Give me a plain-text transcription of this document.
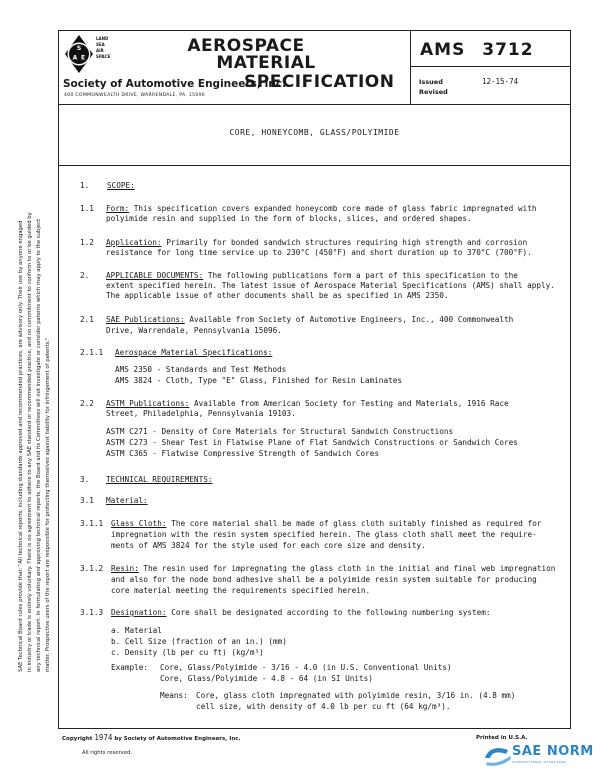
S
A E
LAND
SEA
AIR
SPACE
AEROSPACE
MATERIAL
SPECIFICATION
Society of Automotive Engineers, Inc.
400 COMMONWEALTH DRIVE, WARRENDALE, PA. 15096
AMS 3712
Issued
Revised
12-15-74
CORE, HONEYCOMB, GLASS/POLYIMIDE
SAE Technical Board rules provide that: "All technical reports, including standards approved and recommended practices, are advisory only. Their use by anyone engaged in industry or trade is entirely voluntary. There is no agreement to adhere to any SAE standard or recommended practice, and no commitment to conform to or be guided by any technical report. In formulating and approving technical reports, the Board and its Committees will not investigate or consider patents which may apply to the subject matter. Prospective users of the report are responsible for protecting themselves against liability for infringement of patents."
1. SCOPE:
1.1 Form: This specification covers expanded honeycomb core made of glass fabric impregnated with
polyimide resin and supplied in the form of blocks, slices, and ordered shapes.
1.2 Application: Primarily for bonded sandwich structures requiring high strength and corrosion
resistance for long time service up to 230°C (450°F) and short duration up to 370°C (700°F).
2. APPLICABLE DOCUMENTS: The following publications form a part of this specification to the
extent specified herein. The latest issue of Aerospace Material Specifications (AMS) shall apply.
The applicable issue of other documents shall be as specified in AMS 2350.
2.1 SAE Publications: Available from Society of Automotive Engineers, Inc., 400 Commonwealth
Drive, Warrendale, Pennsylvania 15096.
2.1.1 Aerospace Material Specifications:
AMS 2350 - Standards and Test Methods
AMS 3824 - Cloth, Type "E" Glass, Finished for Resin Laminates
2.2 ASTM Publications: Available from American Society for Testing and Materials, 1916 Race
Street, Philadelphia, Pennsylvania 19103.
ASTM C271 - Density of Core Materials for Structural Sandwich Constructions
ASTM C273 - Shear Test in Flatwise Plane of Flat Sandwich Constructions or Sandwich Cores
ASTM C365 - Flatwise Compressive Strength of Sandwich Cores
3. TECHNICAL REQUIREMENTS:
3.1 Material:
3.1.1 Glass Cloth: The core material shall be made of glass cloth suitably finished as required for
impregnation with the resin system specified herein. The glass cloth shall meet the require-
ments of AMS 3824 for the style used for each core size and density.
3.1.2 Resin: The resin used for impregnating the glass cloth in the initial and final web impregnation
and also for the node bond adhesive shall be a polyimide resin system suitable for producing
core material meeting the requirements specified herein.
3.1.3 Designation: Core shall be designated according to the following numbering system:
a. Material
b. Cell Size (fraction of an in.) (mm)
c. Density (lb per cu ft) (kg/m³)
Example: Core, Glass/Polyimide - 3/16 - 4.0 (in U.S. Conventional Units)
Core, Glass/Polyimide - 4.8 - 64 (in SI Units)
Means: Core, glass cloth impregnated with polyimide resin, 3/16 in. (4.8 mm)
cell size, with density of 4.0 lb per cu ft (64 kg/m³).
Copyright 1974 by Society of Automotive Engineers, Inc.
All rights reserved.
Printed in U.S.A.
SAE NORM
INTERNATIONAL STANDARDS
